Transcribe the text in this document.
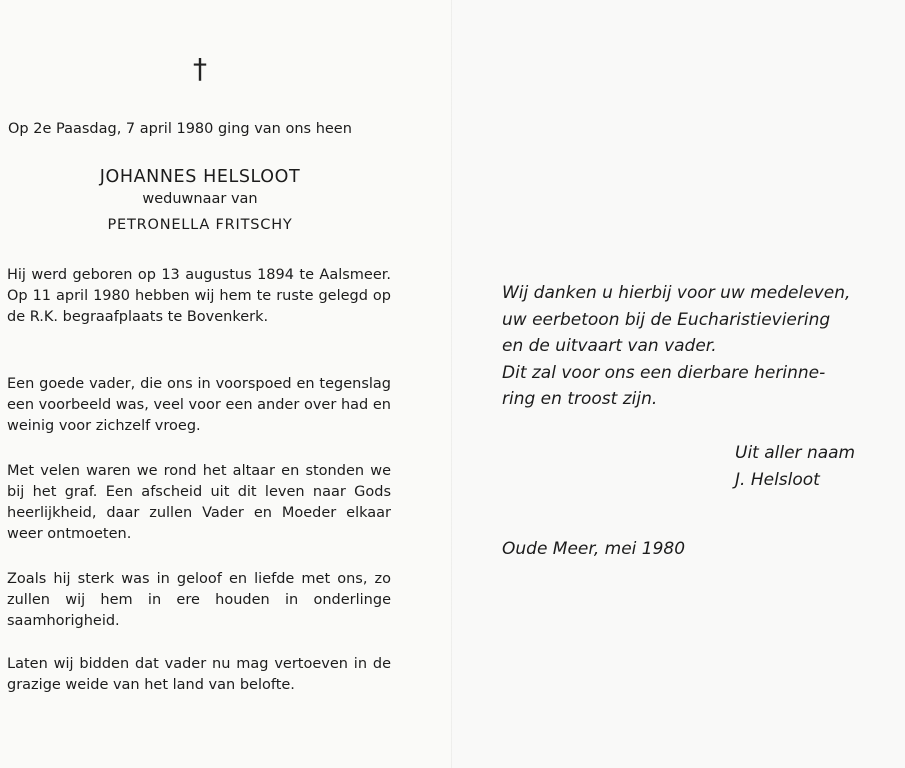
†
Op 2e Paasdag, 7 april 1980 ging van ons heen
JOHANNES HELSLOOT
weduwnaar van
PETRONELLA FRITSCHY

Hij werd geboren op 13 augustus 1894 te Aalsmeer. Op 11 april 1980 hebben wij hem te ruste gelegd op de R.K. begraafplaats te Bovenkerk.

Een goede vader, die ons in voorspoed en tegenslag een voorbeeld was, veel voor een ander over had en weinig voor zichzelf vroeg.

Met velen waren we rond het altaar en stonden we bij het graf. Een afscheid uit dit leven naar Gods heerlijkheid, daar zullen Vader en Moeder elkaar weer ontmoeten.

Zoals hij sterk was in geloof en liefde met ons, zo zullen wij hem in ere houden in onderlinge saamhorigheid.

Laten wij bidden dat vader nu mag vertoeven in de grazige weide van het land van belofte.

Wij danken u hierbij voor uw medeleven,
uw eerbetoon bij de Eucharistieviering
en de uitvaart van vader.
Dit zal voor ons een dierbare herinne-
ring en troost zijn.
Uit aller naam
J. Helsloot
Oude Meer, mei 1980
